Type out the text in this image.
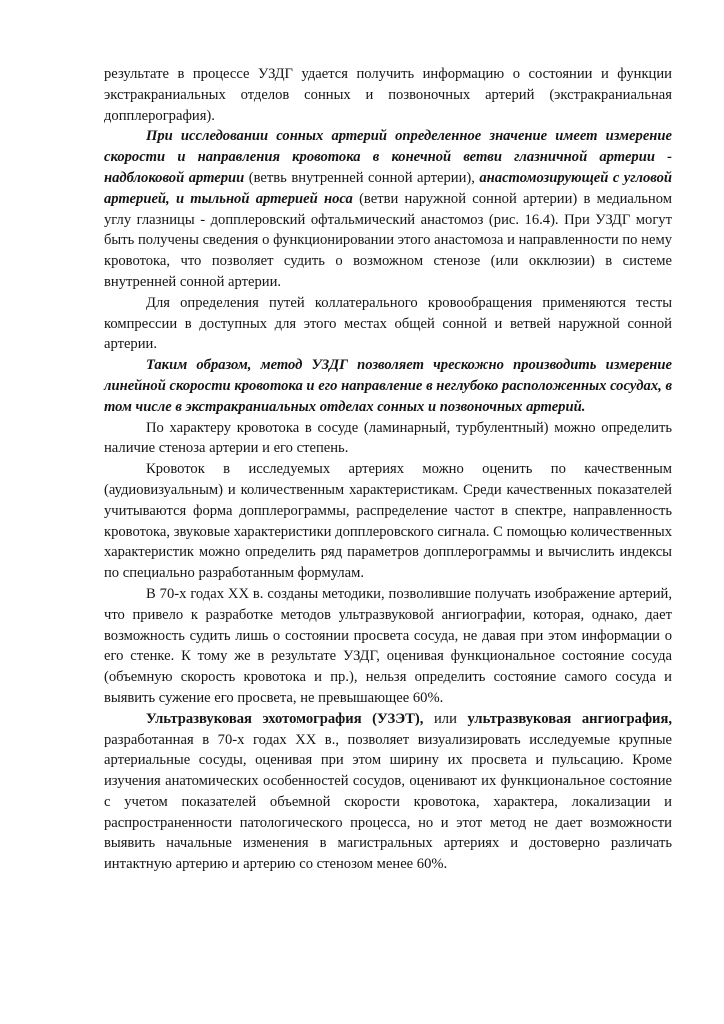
результате в процессе УЗДГ удается получить информацию о состоянии и функции экстракраниальных отделов сонных и позвоночных артерий (экстракраниальная допплерография).

При исследовании сонных артерий определенное значение имеет измерение скорости и направления кровотока в конечной ветви глазничной артерии - надблоковой артерии (ветвь внутренней сонной артерии), анастомозирующей с угловой артерией, и тыльной артерией носа (ветви наружной сонной артерии) в медиальном углу глазницы - допплеровский офтальмический анастомоз (рис. 16.4). При УЗДГ могут быть получены сведения о функционировании этого анастомоза и направленности по нему кровотока, что позволяет судить о возможном стенозе (или окклюзии) в системе внутренней сонной артерии.

Для определения путей коллатерального кровообращения применяются тесты компрессии в доступных для этого местах общей сонной и ветвей наружной сонной артерии.

Таким образом, метод УЗДГ позволяет чрескожно производить измерение линейной скорости кровотока и его направление в неглубоко расположенных сосудах, в том числе в экстракраниальных отделах сонных и позвоночных артерий.

По характеру кровотока в сосуде (ламинарный, турбулентный) можно определить наличие стеноза артерии и его степень.

Кровоток в исследуемых артериях можно оценить по качественным (аудиовизуальным) и количественным характеристикам. Среди качественных показателей учитываются форма допплерограммы, распределение частот в спектре, направленность кровотока, звуковые характеристики допплеровского сигнала. С помощью количественных характеристик можно определить ряд параметров допплерограммы и вычислить индексы по специально разработанным формулам.

В 70-х годах XX в. созданы методики, позволившие получать изображение артерий, что привело к разработке методов ультразвуковой ангиографии, которая, однако, дает возможность судить лишь о состоянии просвета сосуда, не давая при этом информации о его стенке. К тому же в результате УЗДГ, оценивая функциональное состояние сосуда (объемную скорость кровотока и пр.), нельзя определить состояние самого сосуда и выявить сужение его просвета, не превышающее 60%.

Ультразвуковая эхотомография (УЗЭТ), или ультразвуковая ангиография, разработанная в 70-х годах XX в., позволяет визуализировать исследуемые крупные артериальные сосуды, оценивая при этом ширину их просвета и пульсацию. Кроме изучения анатомических особенностей сосудов, оценивают их функциональное состояние с учетом показателей объемной скорости кровотока, характера, локализации и распространенности патологического процесса, но и этот метод не дает возможности выявить начальные изменения в магистральных артериях и достоверно различать интактную артерию и артерию со стенозом менее 60%.
